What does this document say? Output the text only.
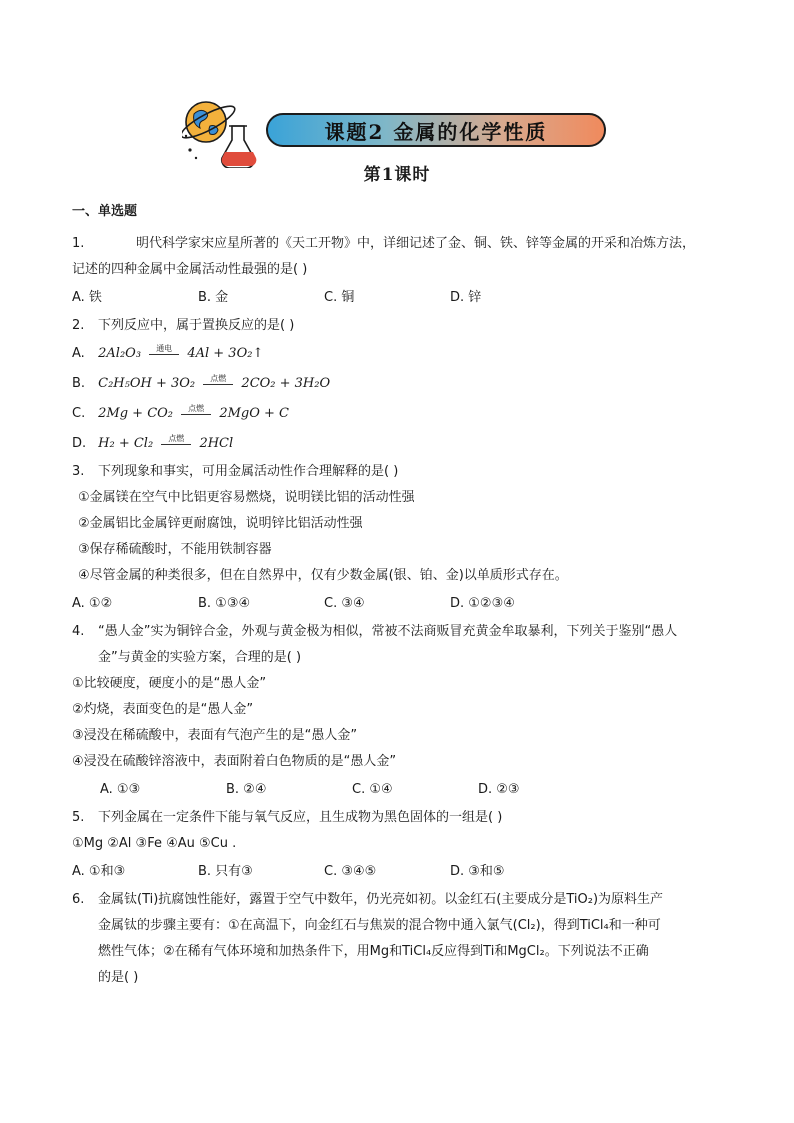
课题2 金属的化学性质
第1课时

一、单选题

1.	明代科学家宋应星所著的《天工开物》中，详细记述了金、铜、铁、锌等金属的开采和冶炼方法，

记述的四种金属中金属活动性最强的是( )

A. 铁	B. 金	C. 铜	D. 锌

2. 下列反应中，属于置换反应的是( )

A. 2Al₂O₃ 通电 4Al + 3O₂↑

B. C₂H₅OH + 3O₂ 点燃 2CO₂ + 3H₂O

C. 2Mg + CO₂ 点燃 2MgO + C

D. H₂ + Cl₂ 点燃 2HCl

3. 下列现象和事实，可用金属活动性作合理解释的是( )

①金属镁在空气中比铝更容易燃烧，说明镁比铝的活动性强

②金属铝比金属锌更耐腐蚀，说明锌比铝活动性强

③保存稀硫酸时，不能用铁制容器

④尽管金属的种类很多，但在自然界中，仅有少数金属(银、铂、金)以单质形式存在。

A. ①②	B. ①③④	C. ③④	D. ①②③④

4. “愚人金”实为铜锌合金，外观与黄金极为相似，常被不法商贩冒充黄金牟取暴利，下列关于鉴别“愚人

金”与黄金的实验方案，合理的是( )

①比较硬度，硬度小的是“愚人金”

②灼烧，表面变色的是“愚人金”

③浸没在稀硫酸中，表面有气泡产生的是“愚人金”

④浸没在硫酸锌溶液中，表面附着白色物质的是“愚人金”

A. ①③	B. ②④	C. ①④	D. ②③

5. 下列金属在一定条件下能与氧气反应，且生成物为黑色固体的一组是( )

①Mg ②Al ③Fe ④Au ⑤Cu .

A. ①和③	B. 只有③	C. ③④⑤	D. ③和⑤

6. 金属钛(Ti)抗腐蚀性能好，露置于空气中数年，仍光亮如初。以金红石(主要成分是TiO₂)为原料生产

金属钛的步骤主要有：①在高温下，向金红石与焦炭的混合物中通入氯气(Cl₂)，得到TiCl₄和一种可

燃性气体；②在稀有气体环境和加热条件下，用Mg和TiCl₄反应得到Ti和MgCl₂。下列说法不正确

的是( )
